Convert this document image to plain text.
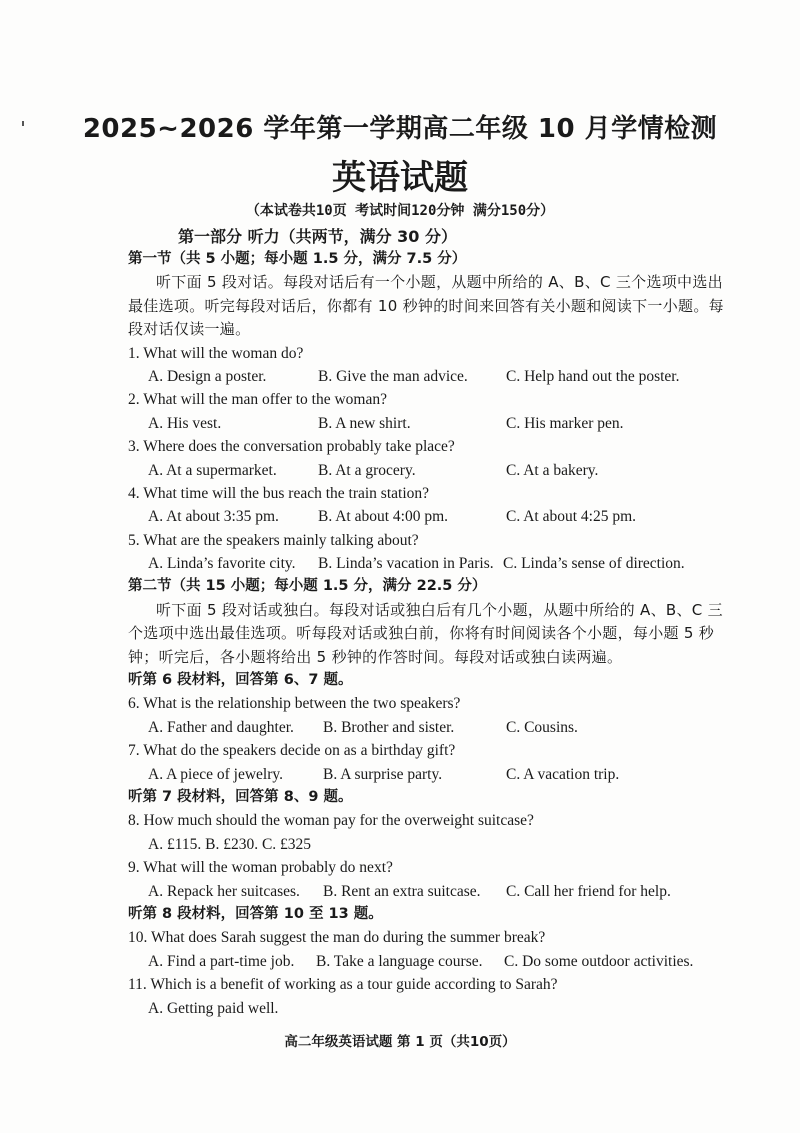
2025~2026 学年第一学期高二年级 10 月学情检测
英语试题
（本试卷共10页 考试时间120分钟 满分150分）
第一部分 听力（共两节，满分 30 分）
第一节（共 5 小题；每小题 1.5 分，满分 7.5 分）
听下面 5 段对话。每段对话后有一个小题，从题中所给的 A、B、C 三个选项中选出
最佳选项。听完每段对话后，你都有 10 秒钟的时间来回答有关小题和阅读下一小题。每
段对话仅读一遍。
1. What will the woman do?
A. Design a poster.	B. Give the man advice. C. Help hand out the poster.
2. What will the man offer to the woman?
A. His vest.	B. A new shirt.	C. His marker pen.
3. Where does the conversation probably take place?
A. At a supermarket.	B. At a grocery.	C. At a bakery.
4. What time will the bus reach the train station?
A. At about 3:35 pm.	B. At about 4:00 pm.	C. At about 4:25 pm.
5. What are the speakers mainly talking about?
A. Linda’s favorite city. B. Linda’s vacation in Paris. C. Linda’s sense of direction.
第二节（共 15 小题；每小题 1.5 分，满分 22.5 分）
听下面 5 段对话或独白。每段对话或独白后有几个小题，从题中所给的 A、B、C 三
个选项中选出最佳选项。听每段对话或独白前，你将有时间阅读各个小题，每小题 5 秒
钟；听完后，各小题将给出 5 秒钟的作答时间。每段对话或独白读两遍。
听第 6 段材料，回答第 6、7 题。
6. What is the relationship between the two speakers?
A. Father and daughter. B. Brother and sister.	C. Cousins.
7. What do the speakers decide on as a birthday gift?
A. A piece of jewelry.	B. A surprise party.	C. A vacation trip.
听第 7 段材料，回答第 8、9 题。
8. How much should the woman pay for the overweight suitcase?
A. £115. B. £230. C. £325
9. What will the woman probably do next?
A. Repack her suitcases. B. Rent an extra suitcase. C. Call her friend for help.
听第 8 段材料，回答第 10 至 13 题。
10. What does Sarah suggest the man do during the summer break?
A. Find a part-time job. B. Take a language course. C. Do some outdoor activities.
11. Which is a benefit of working as a tour guide according to Sarah?
A. Getting paid well.
高二年级英语试题 第 1 页（共10页）
